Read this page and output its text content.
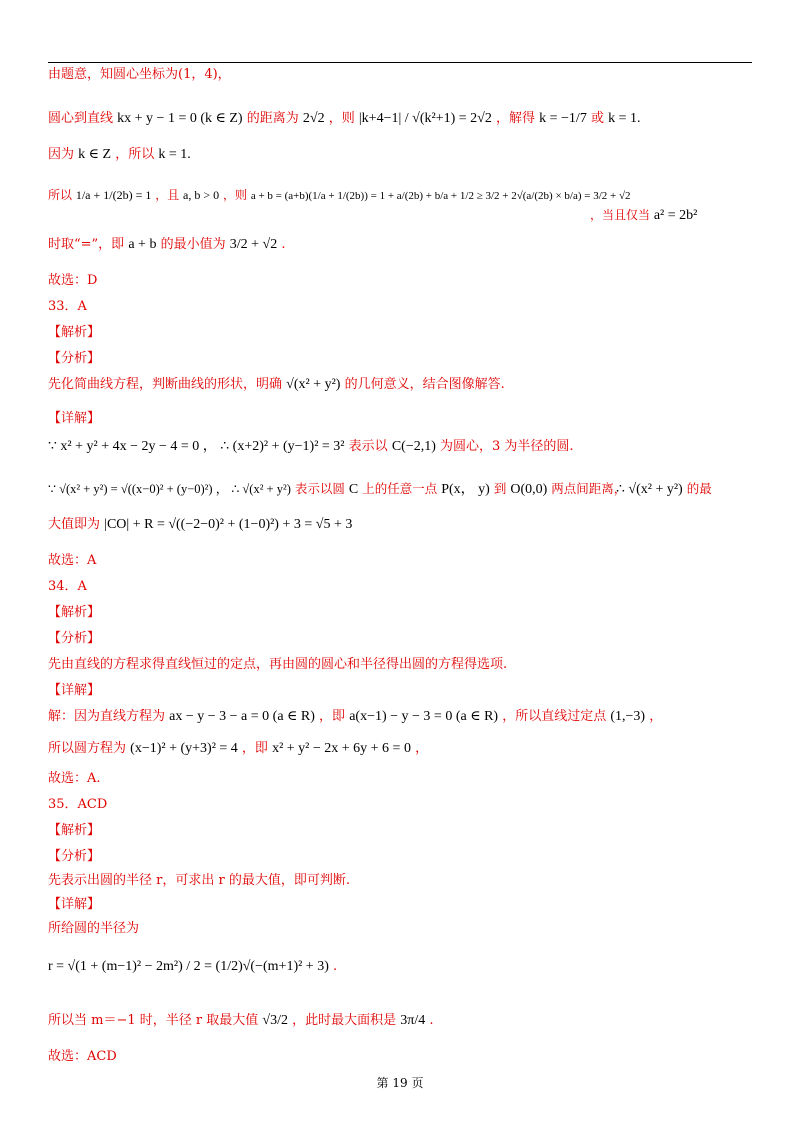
由题意，知圆心坐标为(1，4)，
圆心到直线 kx + y − 1 = 0 (k ∈ Z) 的距离为 2√2 ，则 |k+4−1| / √(k²+1) = 2√2 ，解得 k = −1/7 或 k = 1.
因为 k ∈ Z ，所以 k = 1.
所以 1/a + 1/(2b) = 1 ，且 a, b > 0 ，则 a + b = (a+b)(1/a + 1/(2b)) = 1 + a/(2b) + b/a + 1/2 ≥ 3/2 + 2√(a/(2b) × b/a) = 3/2 + √2
，当且仅当 a² = 2b²
时取“=”，即 a + b 的最小值为 3/2 + √2 .
故选：D
33．A
【解析】
【分析】
先化简曲线方程，判断曲线的形状，明确 √(x² + y²) 的几何意义，结合图像解答.
【详解】
∵ x² + y² + 4x − 2y − 4 = 0 ， ∴ (x+2)² + (y−1)² = 3² 表示以 C(−2,1) 为圆心，3 为半径的圆.
∵ √(x² + y²) = √((x−0)² + (y−0)²) ， ∴ √(x² + y²) 表示以圆 C 上的任意一点 P(x， y) 到 O(0,0) 两点间距离，
∴ √(x² + y²) 的最
大值即为 |CO| + R = √((−2−0)² + (1−0)²) + 3 = √5 + 3
故选：A
34．A
【解析】
【分析】
先由直线的方程求得直线恒过的定点，再由圆的圆心和半径得出圆的方程得选项.
【详解】
解：因为直线方程为 ax − y − 3 − a = 0 (a ∈ R) ，即 a(x−1) − y − 3 = 0 (a ∈ R) ，所以直线过定点 (1,−3) ，
所以圆方程为 (x−1)² + (y+3)² = 4 ，即 x² + y² − 2x + 6y + 6 = 0 ，
故选：A.
35．ACD
【解析】
【分析】
先表示出圆的半径 r，可求出 r 的最大值，即可判断.
【详解】
所给圆的半径为
r = √(1 + (m−1)² − 2m²) / 2 = (1/2)√(−(m+1)² + 3) .
所以当 m＝−1 时，半径 r 取最大值 √3/2 ，此时最大面积是 3π/4 .
故选：ACD
第 19 页
